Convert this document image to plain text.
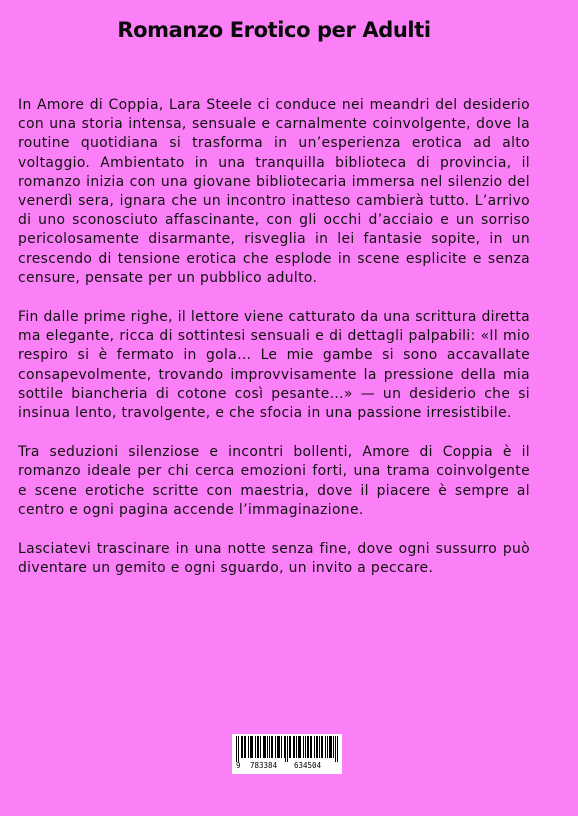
Romanzo Erotico per Adulti

In Amore di Coppia, Lara Steele ci conduce nei meandri del desiderio con una storia intensa, sensuale e carnalmente coinvolgente, dove la routine quotidiana si trasforma in un’esperienza erotica ad alto voltaggio. Ambientato in una tranquilla biblioteca di provincia, il romanzo inizia con una giovane bibliotecaria immersa nel silenzio del venerdì sera, ignara che un incontro inatteso cambierà tutto. L’arrivo di uno sconosciuto affascinante, con gli occhi d’acciaio e un sorriso pericolosamente disarmante, risveglia in lei fantasie sopite, in un crescendo di tensione erotica che esplode in scene esplicite e senza censure, pensate per un pubblico adulto.

Fin dalle prime righe, il lettore viene catturato da una scrittura diretta ma elegante, ricca di sottintesi sensuali e di dettagli palpabili: «Il mio respiro si è fermato in gola… Le mie gambe si sono accavallate consapevolmente, trovando improvvisamente la pressione della mia sottile biancheria di cotone così pesante…» — un desiderio che si insinua lento, travolgente, e che sfocia in una passione irresistibile.

Tra seduzioni silenziose e incontri bollenti, Amore di Coppia è il romanzo ideale per chi cerca emozioni forti, una trama coinvolgente e scene erotiche scritte con maestria, dove il piacere è sempre al centro e ogni pagina accende l’immaginazione.

Lasciatevi trascinare in una notte senza fine, dove ogni sussurro può diventare un gemito e ogni sguardo, un invito a peccare.

9 783384 634504
